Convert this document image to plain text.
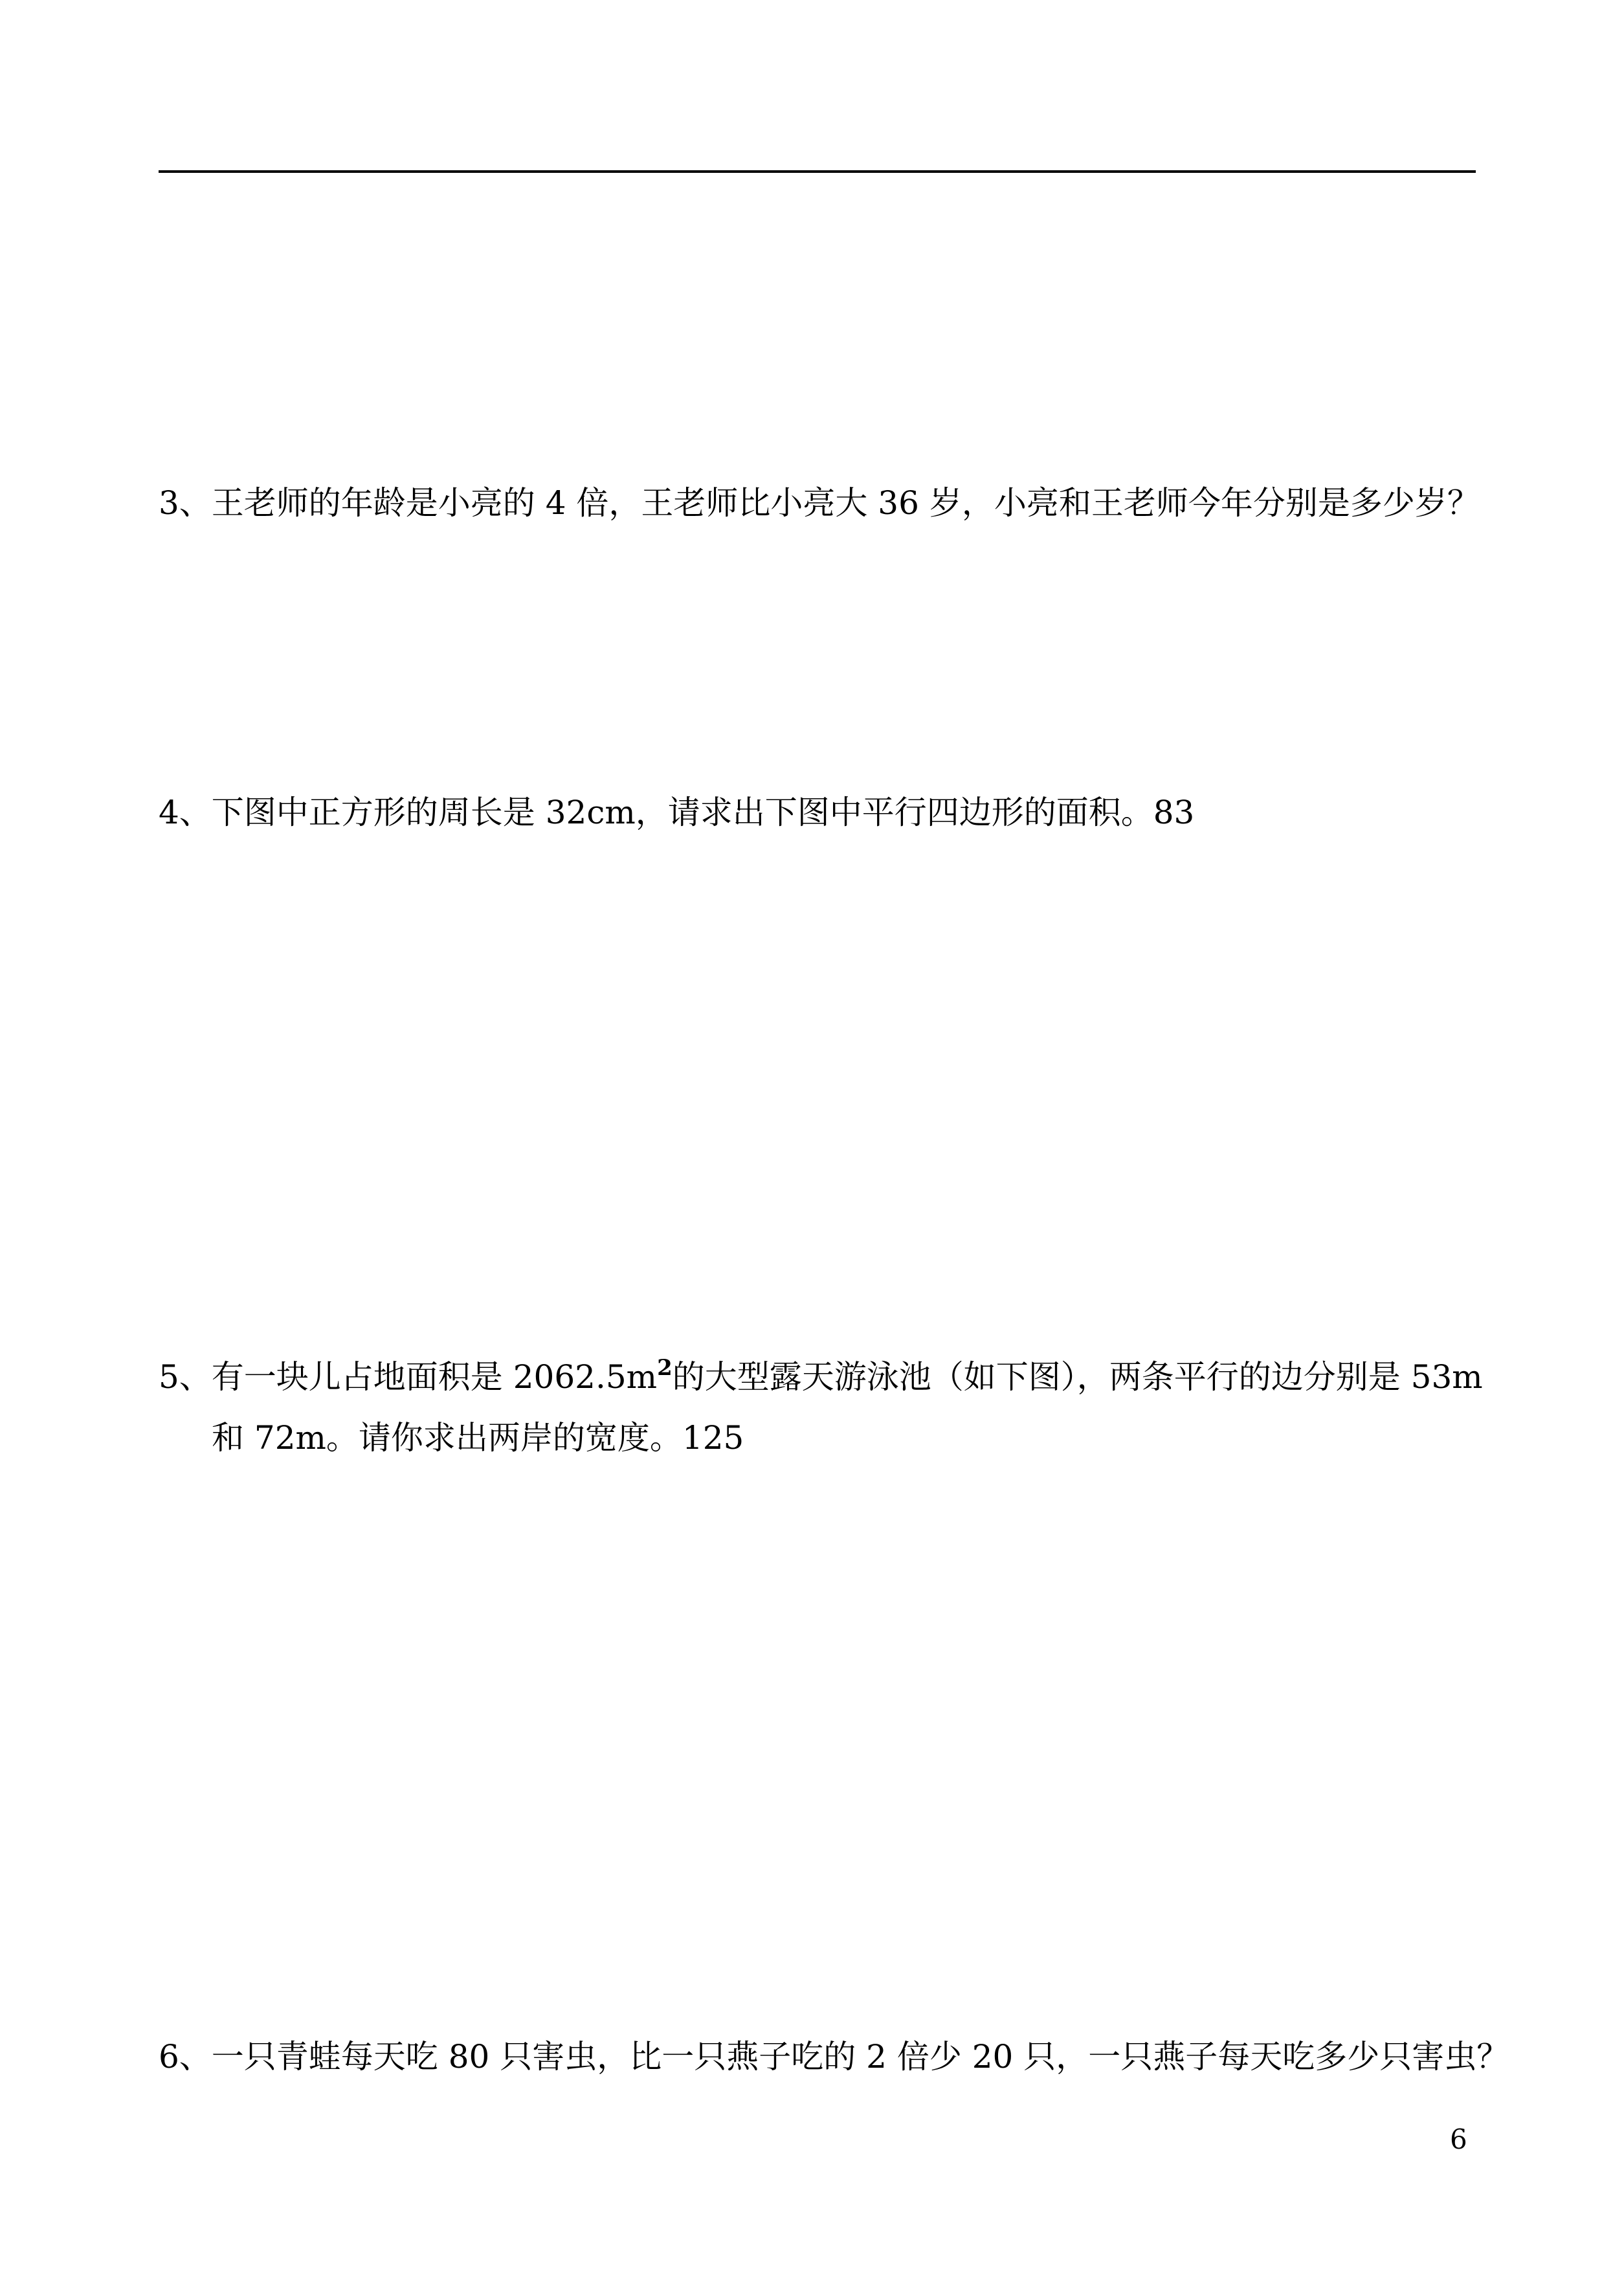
3、王老师的年龄是小亮的 4 倍，王老师比小亮大 36 岁，小亮和王老师今年分别是多少岁？
4、下图中正方形的周长是 32cm，请求出下图中平行四边形的面积。83
5、有一块儿占地面积是 $2062.5m^2$的大型露天游泳池（如下图），两条平行的边分别是 53m
和 72m。请你求出两岸的宽度。125
6、一只青蛙每天吃 80 只害虫，比一只燕子吃的 2 倍少 20 只，一只燕子每天吃多少只害虫？
6
